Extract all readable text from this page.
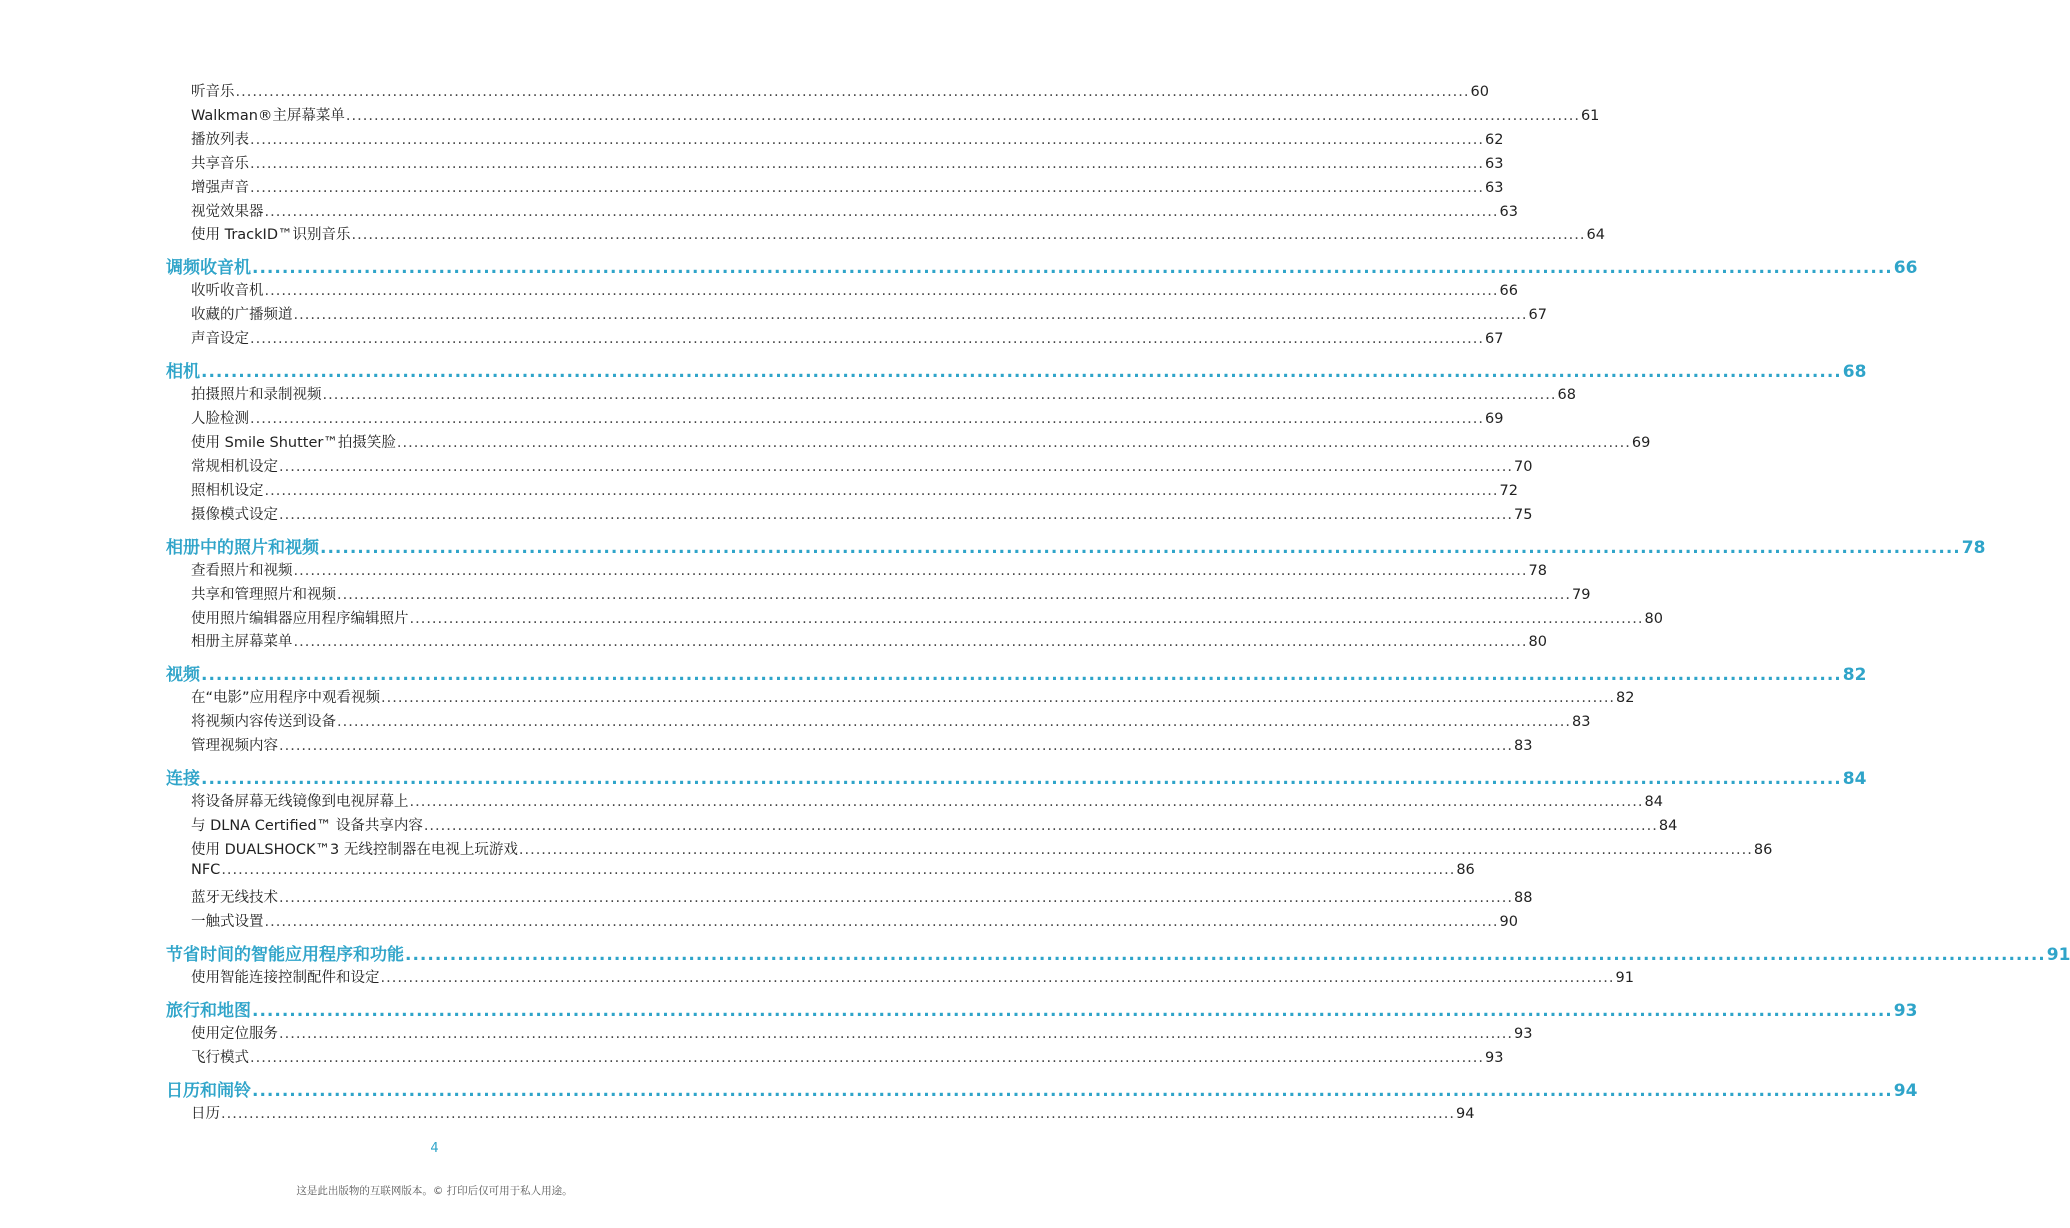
听音乐 ............................................................................................................................................................................................................................ 60
Walkman®主屏幕菜单 ............................................................................................................................................................................................................................ 61
播放列表 ............................................................................................................................................................................................................................ 62
共享音乐 ............................................................................................................................................................................................................................ 63
增强声音 ............................................................................................................................................................................................................................ 63
视觉效果器 ............................................................................................................................................................................................................................ 63
使用 TrackID™识别音乐 ............................................................................................................................................................................................................................ 64
调频收音机 ............................................................................................................................................................................................................................ 66
收听收音机 ............................................................................................................................................................................................................................ 66
收藏的广播频道 ............................................................................................................................................................................................................................ 67
声音设定 ............................................................................................................................................................................................................................ 67
相机 ............................................................................................................................................................................................................................ 68
拍摄照片和录制视频 ............................................................................................................................................................................................................................ 68
人脸检测 ............................................................................................................................................................................................................................ 69
使用 Smile Shutter™拍摄笑脸 ............................................................................................................................................................................................................................ 69
常规相机设定 ............................................................................................................................................................................................................................ 70
照相机设定 ............................................................................................................................................................................................................................ 72
摄像模式设定 ............................................................................................................................................................................................................................ 75
相册中的照片和视频 ............................................................................................................................................................................................................................ 78
查看照片和视频 ............................................................................................................................................................................................................................ 78
共享和管理照片和视频 ............................................................................................................................................................................................................................ 79
使用照片编辑器应用程序编辑照片 ............................................................................................................................................................................................................................ 80
相册主屏幕菜单 ............................................................................................................................................................................................................................ 80
视频 ............................................................................................................................................................................................................................ 82
在“电影”应用程序中观看视频 ............................................................................................................................................................................................................................ 82
将视频内容传送到设备 ............................................................................................................................................................................................................................ 83
管理视频内容 ............................................................................................................................................................................................................................ 83
连接 ............................................................................................................................................................................................................................ 84
将设备屏幕无线镜像到电视屏幕上 ............................................................................................................................................................................................................................ 84
与 DLNA Certified™ 设备共享内容 ............................................................................................................................................................................................................................ 84
使用 DUALSHOCK™3 无线控制器在电视上玩游戏 ............................................................................................................................................................................................................................ 86
NFC ............................................................................................................................................................................................................................ 86
蓝牙无线技术 ............................................................................................................................................................................................................................ 88
一触式设置 ............................................................................................................................................................................................................................ 90
节省时间的智能应用程序和功能 ............................................................................................................................................................................................................................ 91
使用智能连接控制配件和设定 ............................................................................................................................................................................................................................ 91
旅行和地图 ............................................................................................................................................................................................................................ 93
使用定位服务 ............................................................................................................................................................................................................................ 93
飞行模式 ............................................................................................................................................................................................................................ 93
日历和闹铃 ............................................................................................................................................................................................................................ 94
日历 ............................................................................................................................................................................................................................ 94
4
这是此出版物的互联网版本。© 打印后仅可用于私人用途。
